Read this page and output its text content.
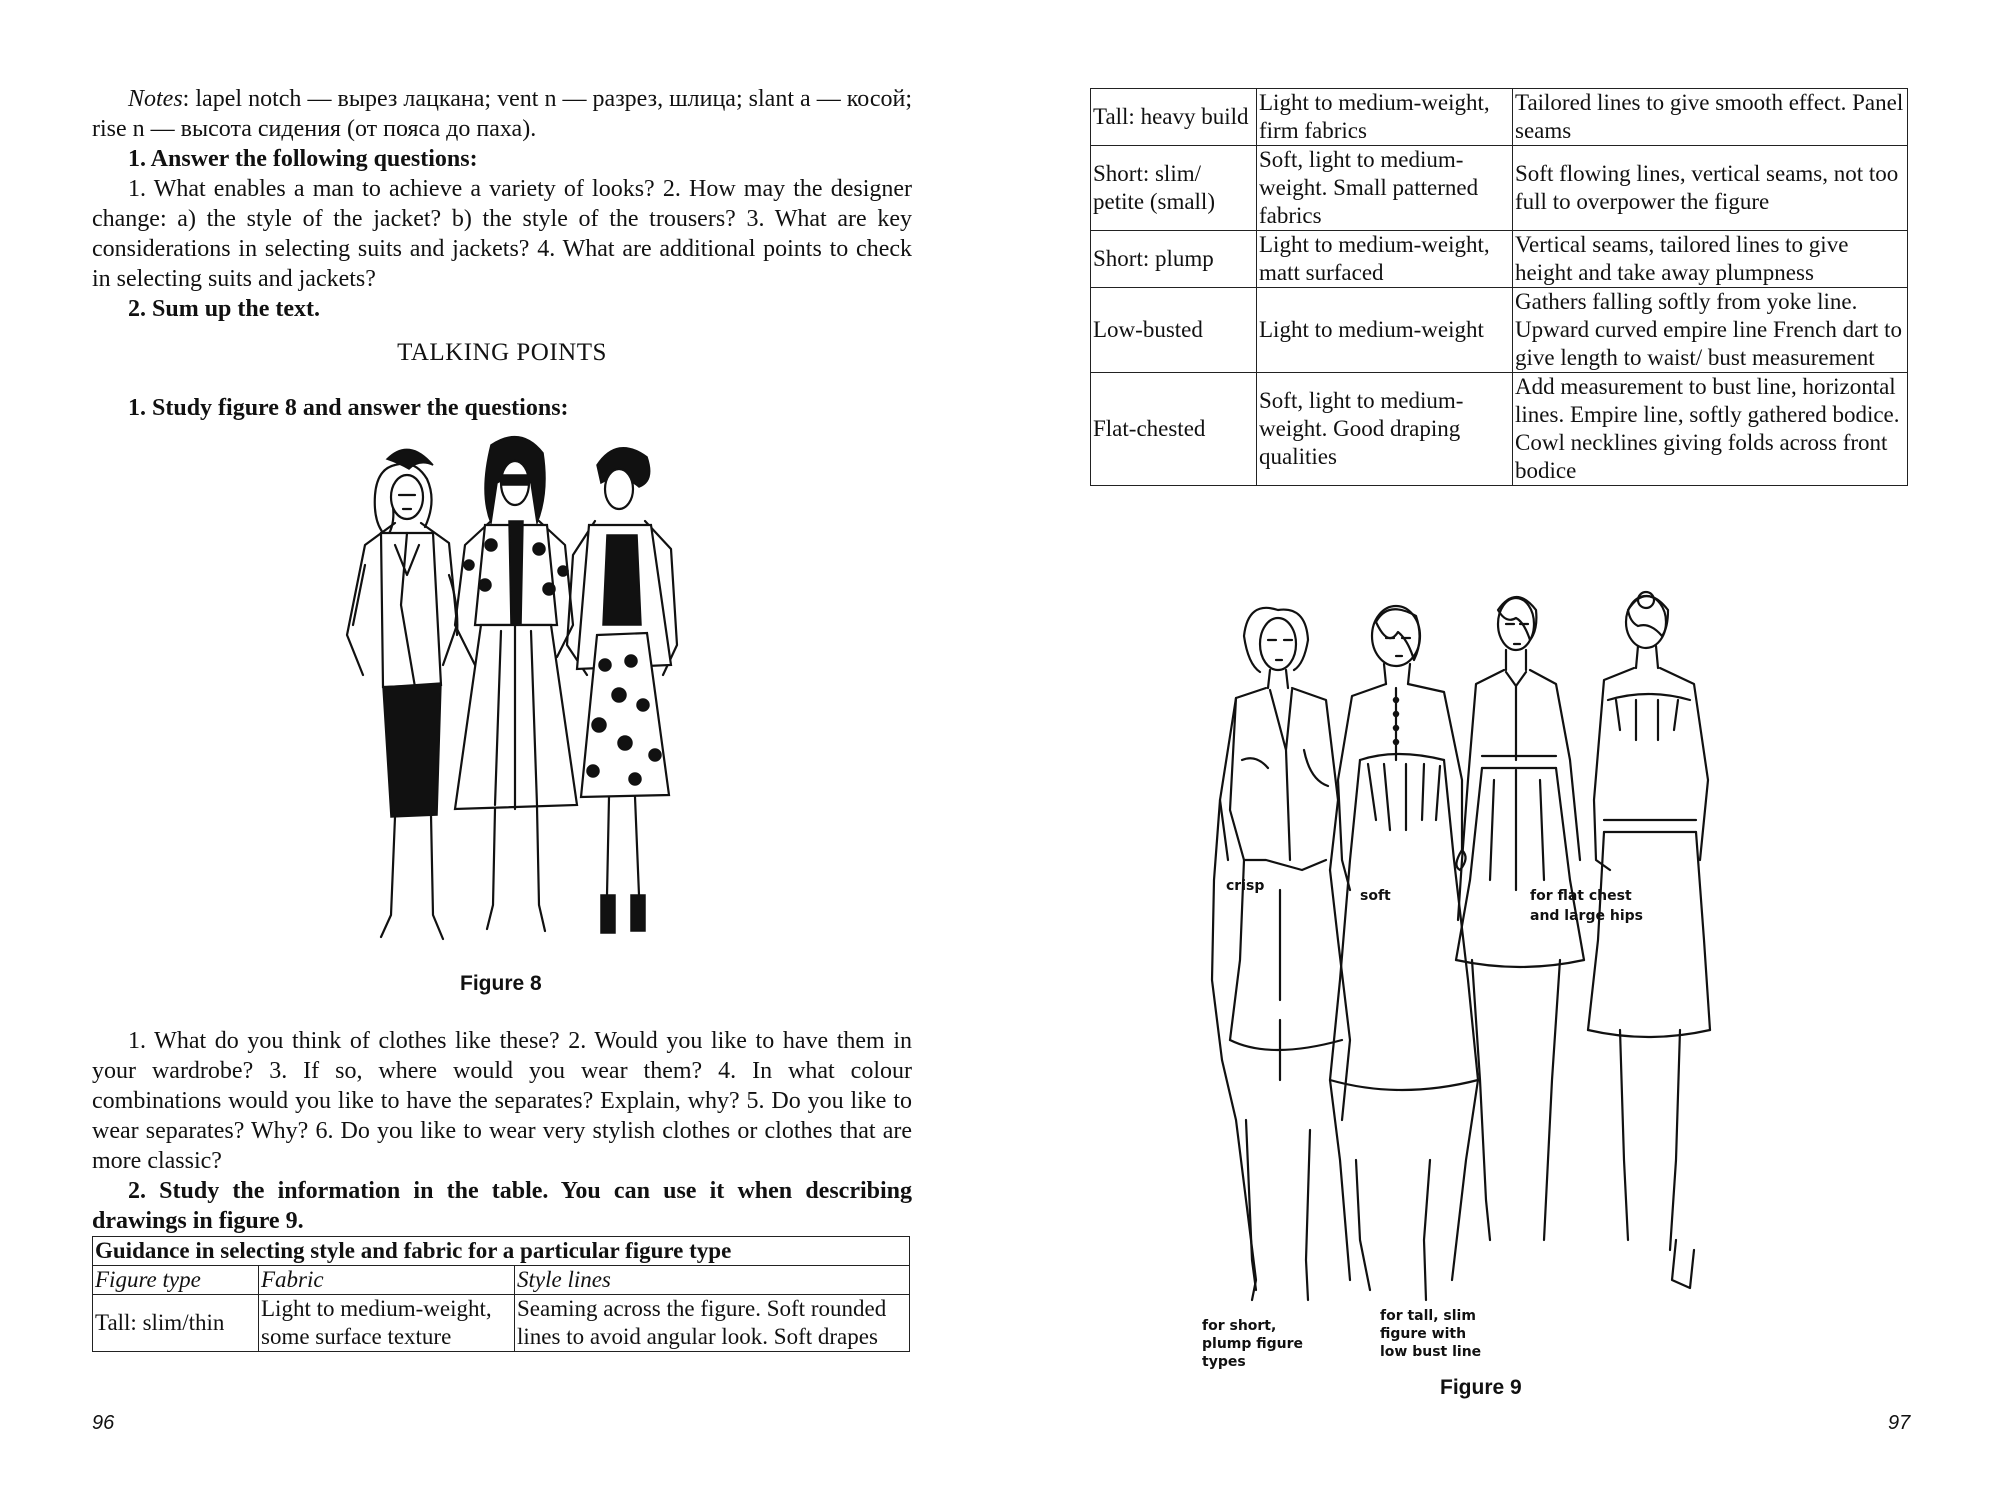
Notes: lapel notch — вырез лацкана; vent n — разрез, шлица; slant a — косой; rise n — высота сидения (от пояса до паха).

1. Answer the following questions:

1. What enables a man to achieve a variety of looks? 2. How may the designer change: a) the style of the jacket? b) the style of the trousers? 3. What are key considerations in selecting suits and jackets? 4. What are additional points to check in selecting suits and jackets?

2. Sum up the text.

TALKING POINTS

1. Study figure 8 and answer the questions:

Figure 8

1. What do you think of clothes like these? 2. Would you like to have them in your wardrobe? 3. If so, where would you wear them? 4. In what colour combinations would you like to have the separates? Explain, why? 5. Do you like to wear separates? Why? 6. Do you like to wear very stylish clothes or clothes that are more classic?

2. Study the information in the table. You can use it when describing drawings in figure 9.

Guidance in selecting style and fabric for a particular figure type		
Figure type	Fabric	Style lines
Tall: slim/thin	Light to medium-weight, some surface texture	Seaming across the figure. Soft rounded lines to avoid angular look. Soft drapes
96
Tall: heavy build	Light to medium-weight, firm fabrics	Tailored lines to give smooth effect. Panel seams
Short: slim/ petite (small)	Soft, light to medium-weight. Small patterned fabrics	Soft flowing lines, vertical seams, not too full to overpower the figure
Short: plump	Light to medium-weight, matt surfaced	Vertical seams, tailored lines to give height and take away plumpness
Low-busted	Light to medium-weight	Gathers falling softly from yoke line. Upward curved empire line French dart to give length to waist/ bust measurement
Flat-chested	Soft, light to medium-weight. Good draping qualities	Add measurement to bust line, horizontal lines. Empire line, softly gathered bodice. Cowl necklines giving folds across front bodice
crisp
soft	for flat chest
and large hips
for short,
plump figure
types
for tall, slim
figure with
low bust line
Figure 9
97
